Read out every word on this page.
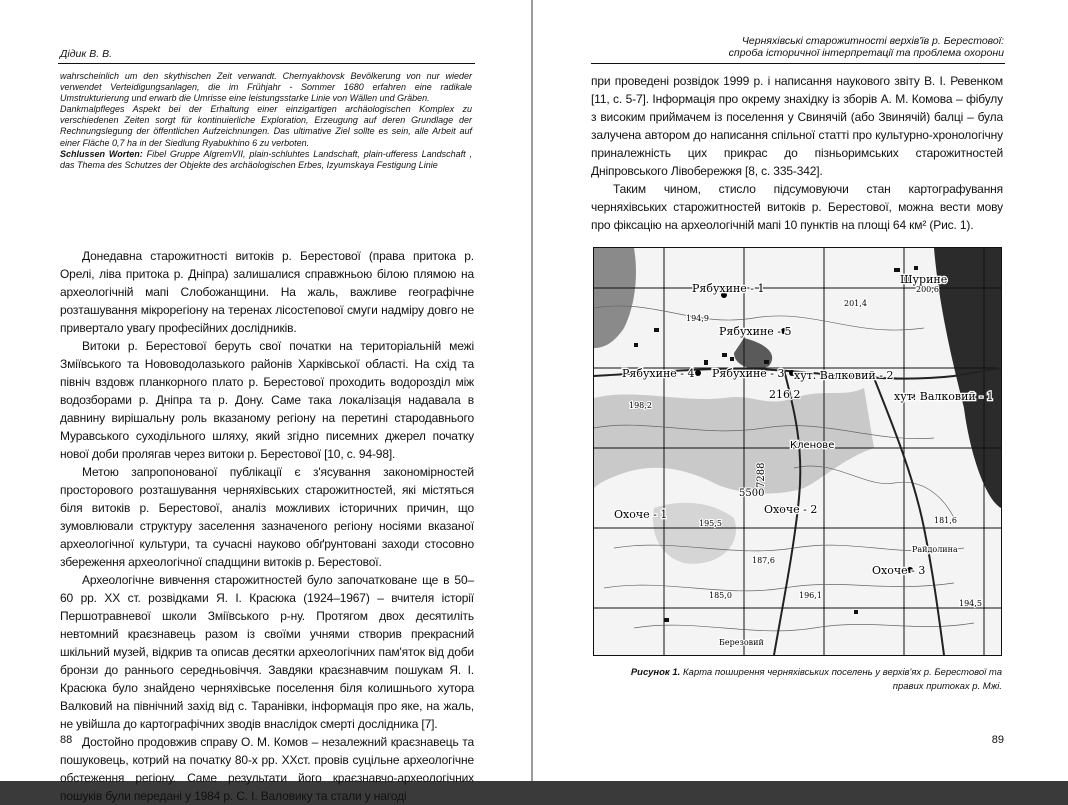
Дідик В. В.

wahrscheinlich um den skythischen Zeit verwandt. Chernyakhovsk Bevölkerung von nur wieder verwendet Verteidigungsanlagen, die im Frühjahr - Sommer 1680 erfahren eine radikale Umstrukturierung und erwarb die Umrisse eine leistungsstarke Linie von Wällen und Gräben.

Dankmalpfleges Aspekt bei der Erhaltung einer einzigartigen archäologischen Komplex zu verschiedenen Zeiten sorgt für kontinuierliche Exploration, Erzeugung auf deren Grundlage der Rechnungslegung der öffentlichen Aufzeichnungen. Das ultimative Ziel sollte es sein, alle Arbeit auf einer Fläche 0,7 ha in der Siedlung Ryabukhino 6 zu verboten.

Schlussen Worten: Fibel Gruppe AlgremVII, plain-schluhtes Landschaft, plain-ufferess Landschaft , das Thema des Schutzes der Objekte des archäologischen Erbes, Izyumskaya Festigung Linie

Донедавна старожитності витоків р. Берестової (права притока р. Орелі, ліва притока р. Дніпра) залишалися справжньою білою плямою на археологічній мапі Слобожанщини. На жаль, важливе географічне розташування мікрорегіону на теренах лісостепової смуги надміру довго не привертало увагу професійних дослідників.

Витоки р. Берестової беруть свої початки на територіальній межі Зміївського та Нововодолазького районів Харківської області. На схід та північ вздовж планкорного плато р. Берестової проходить водороздiл між водозборами р. Дніпра та р. Дону. Саме така локалізація надавала в давнину вирішальну роль вказаному регіону на перетині стародавнього Муравського суходільного шляху, який згідно писемних джерел початку нової доби пролягав через витоки р. Берестової [10, с. 94-98].

Метою запропонованої публікації є з'ясування закономірностей просторового розташування черняхівських старожитностей, які містяться біля витоків р. Берестової, аналіз можливих історичних причин, що зумовлювали структуру заселення зазначеного регіону носіями вказаної археологічної культури, та сучасні науково обґрунтовані заходи стосовно збереження археологічної спадщини витоків р. Берестової.

Археологічне вивчення старожитностей було започатковане ще в 50–60 рр. ХХ ст. розвідками Я. І. Красюка (1924–1967) – вчителя історії Першотравневої школи Зміївського р-ну. Протягом двох десятиліть невтомний краєзнавець разом із своїми учнями створив прекрасний шкільний музей, відкрив та описав десятки археологічних пам'яток від доби бронзи до раннього середньовіччя. Завдяки краєзнавчим пошукам Я. І. Красюка було знайдено черняхівське поселення біля колишнього хутора Валковий на північний захід від с. Таранівки, інформація про яке, на жаль, не увійшла до картографічних зводів внаслідок смерті дослідника [7].

Достойно продовжив справу О. М. Комов – незалежний краєзнавець та пошуковець, котрий на початку 80-х рр. ХХст. провів суцільне археологічне обстеження регіону. Саме результати його краєзнавчо-археологічних пошуків були передані у 1984 р. С. І. Валовику та стали у нагоді

88
Черняхівські старожитності верхів'їв р. Берестової:
спроба історичної інтерпретації та проблема охорони

при проведені розвідок 1999 р. і написання наукового звіту В. І. Ревенком [11, с. 5-7]. Інформація про окрему знахідку із зборів А. М. Комова – фібулу з високим приймачем із поселення у Свинячій (або Звинячій) балці – була залучена автором до написання спільної статті про культурно-хронологічну приналежність цих прикрас до пізньоримських старожитностей Дніпровського Лівобережжя [8, с. 335-342].

Таким чином, стисло підсумовуючи стан картографування черняхівських старожитностей витоків р. Берестової, можна вести мову про фіксацію на археологічній мапі 10 пунктів на площі 64 км² (Рис. 1).

89
Рябухине - 1
Рябухине - 5
Рябухине - 4 Рябухине - 3 хут. Валковий - 2
хут. Валковий - 1
Шурине
Кленове
Охоче - 1	Охоче - 2
Охоче - 3
Райдолина
Березовий
216,2
5500
7288
200,6
194,9
181,6
195,5
187,6
185,0	196,1
194,5
201,4
198,2
Рисунок 1. Карта поширення черняхівських поселень у верхів'ях р. Берестової та правих притоках р. Мжі.
